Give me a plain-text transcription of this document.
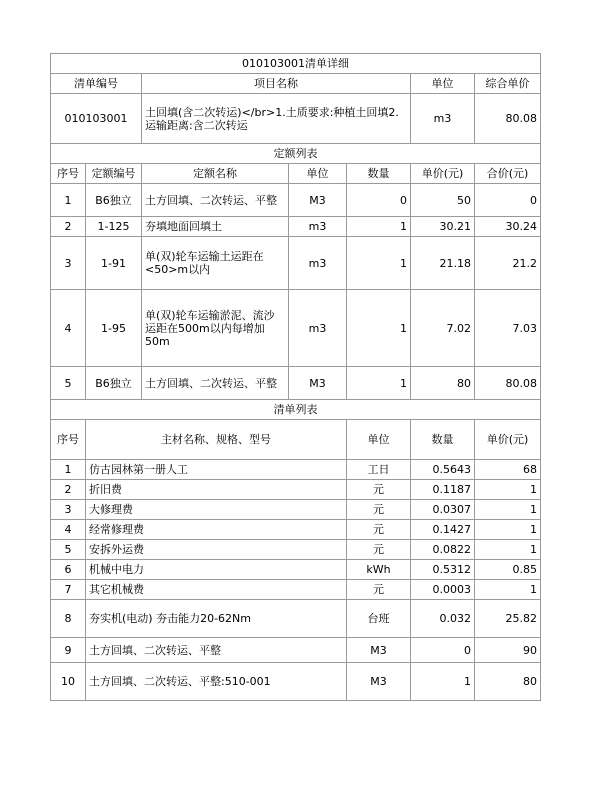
010103001清单详细							
清单编号		项目名称			单位	综合单价	
010103001		土回填(含二次转运)</br>1.土质要求:种植土回填2.运输距离:含二次转运			m3	80.08	
定额列表							
序号	定额编号	定额名称	单位	数量	单价(元)	合价(元)	
1	B6独立	土方回填、二次转运、平整	M3	0	50	0	
2	1-125	夯填地面回填土	m3	1	30.21	30.24	
3	1-91	单(双)轮车运输土运距在<50>m以内	m3	1	21.18	21.2	
4	1-95	单(双)轮车运输淤泥、流沙运距在500m以内每增加50m	m3	1	7.02	7.03	
5	B6独立	土方回填、二次转运、平整	M3	1	80	80.08	
清单列表							
序号	主材名称、规格、型号			单位	数量	单价(元)	
1	仿古园林第一册人工			工日	0.5643	68	
2	折旧费			元	0.1187	1	
3	大修理费			元	0.0307	1	
4	经常修理费			元	0.1427	1	
5	安拆外运费			元	0.0822	1	
6	机械中电力			kWh	0.5312	0.85	
7	其它机械费			元	0.0003	1	
8	夯实机(电动) 夯击能力20-62Nm			台班	0.032	25.82	
9	土方回填、二次转运、平整			M3	0	90	
10	土方回填、二次转运、平整:510-001			M3	1	80	
